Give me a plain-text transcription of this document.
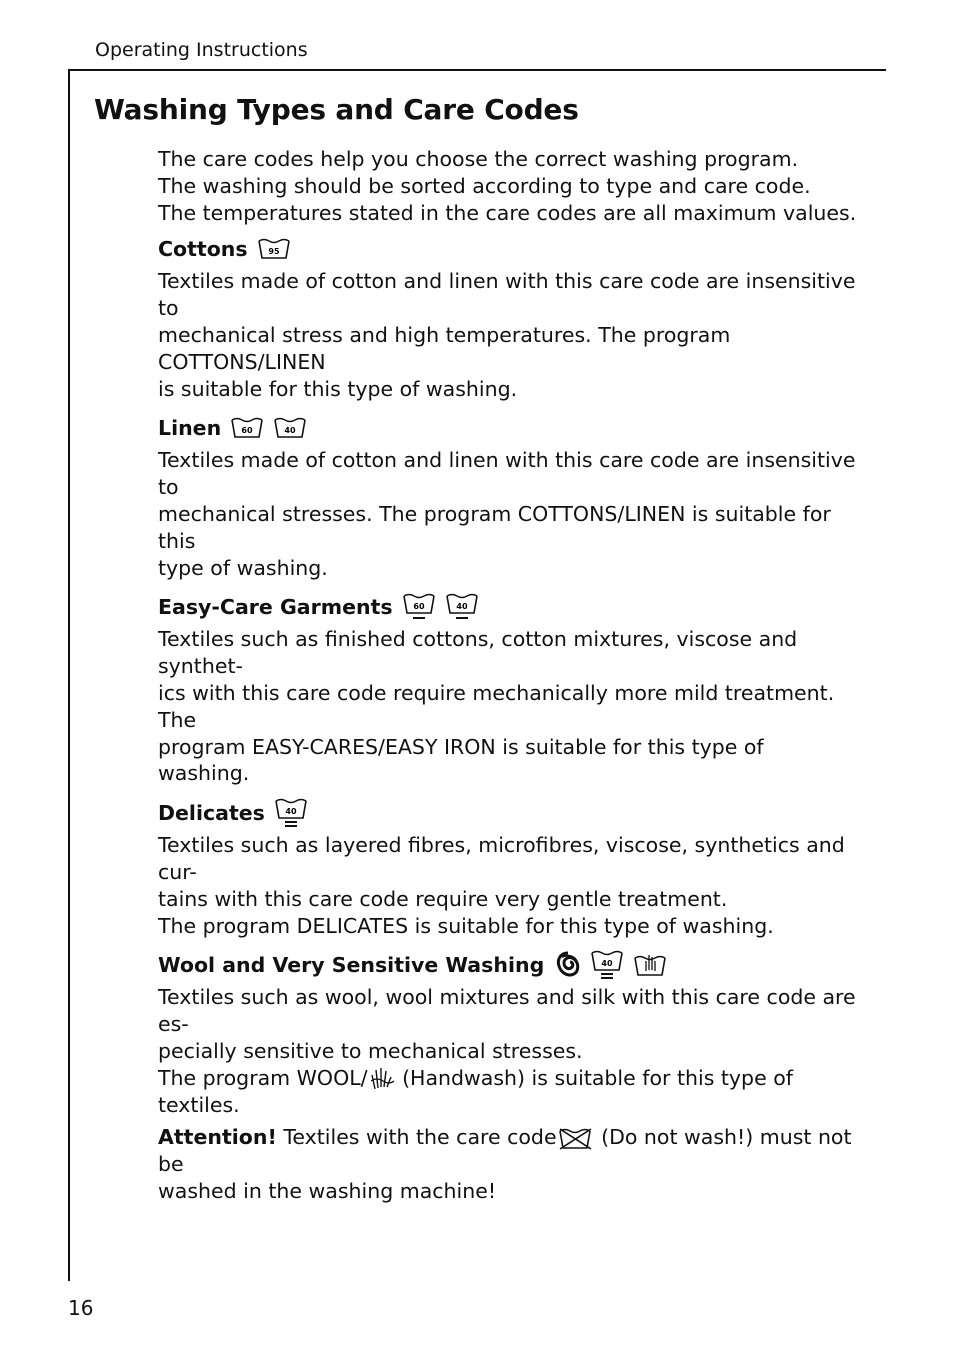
Operating Instructions
16
Washing Types and Care Codes

The care codes help you choose the correct washing program.
The washing should be sorted according to type and care code.
The temperatures stated in the care codes are all maximum values.

Cottons	95

Textiles made of cotton and linen with this care code are insensitive to
mechanical stress and high temperatures. The program COTTONS/LINEN
is suitable for this type of washing.

Linen	60	40

Textiles made of cotton and linen with this care code are insensitive to
mechanical stresses. The program COTTONS/LINEN is suitable for this
type of washing.

Easy-Care Garments	60	40

Textiles such as finished cottons, cotton mixtures, viscose and synthet-
ics with this care code require mechanically more mild treatment. The
program EASY-CARES/EASY IRON is suitable for this type of washing.

Delicates	40

Textiles such as layered fibres, microfibres, viscose, synthetics and cur-
tains with this care code require very gentle treatment.
The program DELICATES is suitable for this type of washing.

Wool and Very Sensitive Washing	40

Textiles such as wool, wool mixtures and silk with this care code are es-
pecially sensitive to mechanical stresses.
The program WOOL/ (Handwash) is suitable for this type of textiles.

Attention! Textiles with the care code (Do not wash!) must not be
washed in the washing machine!
